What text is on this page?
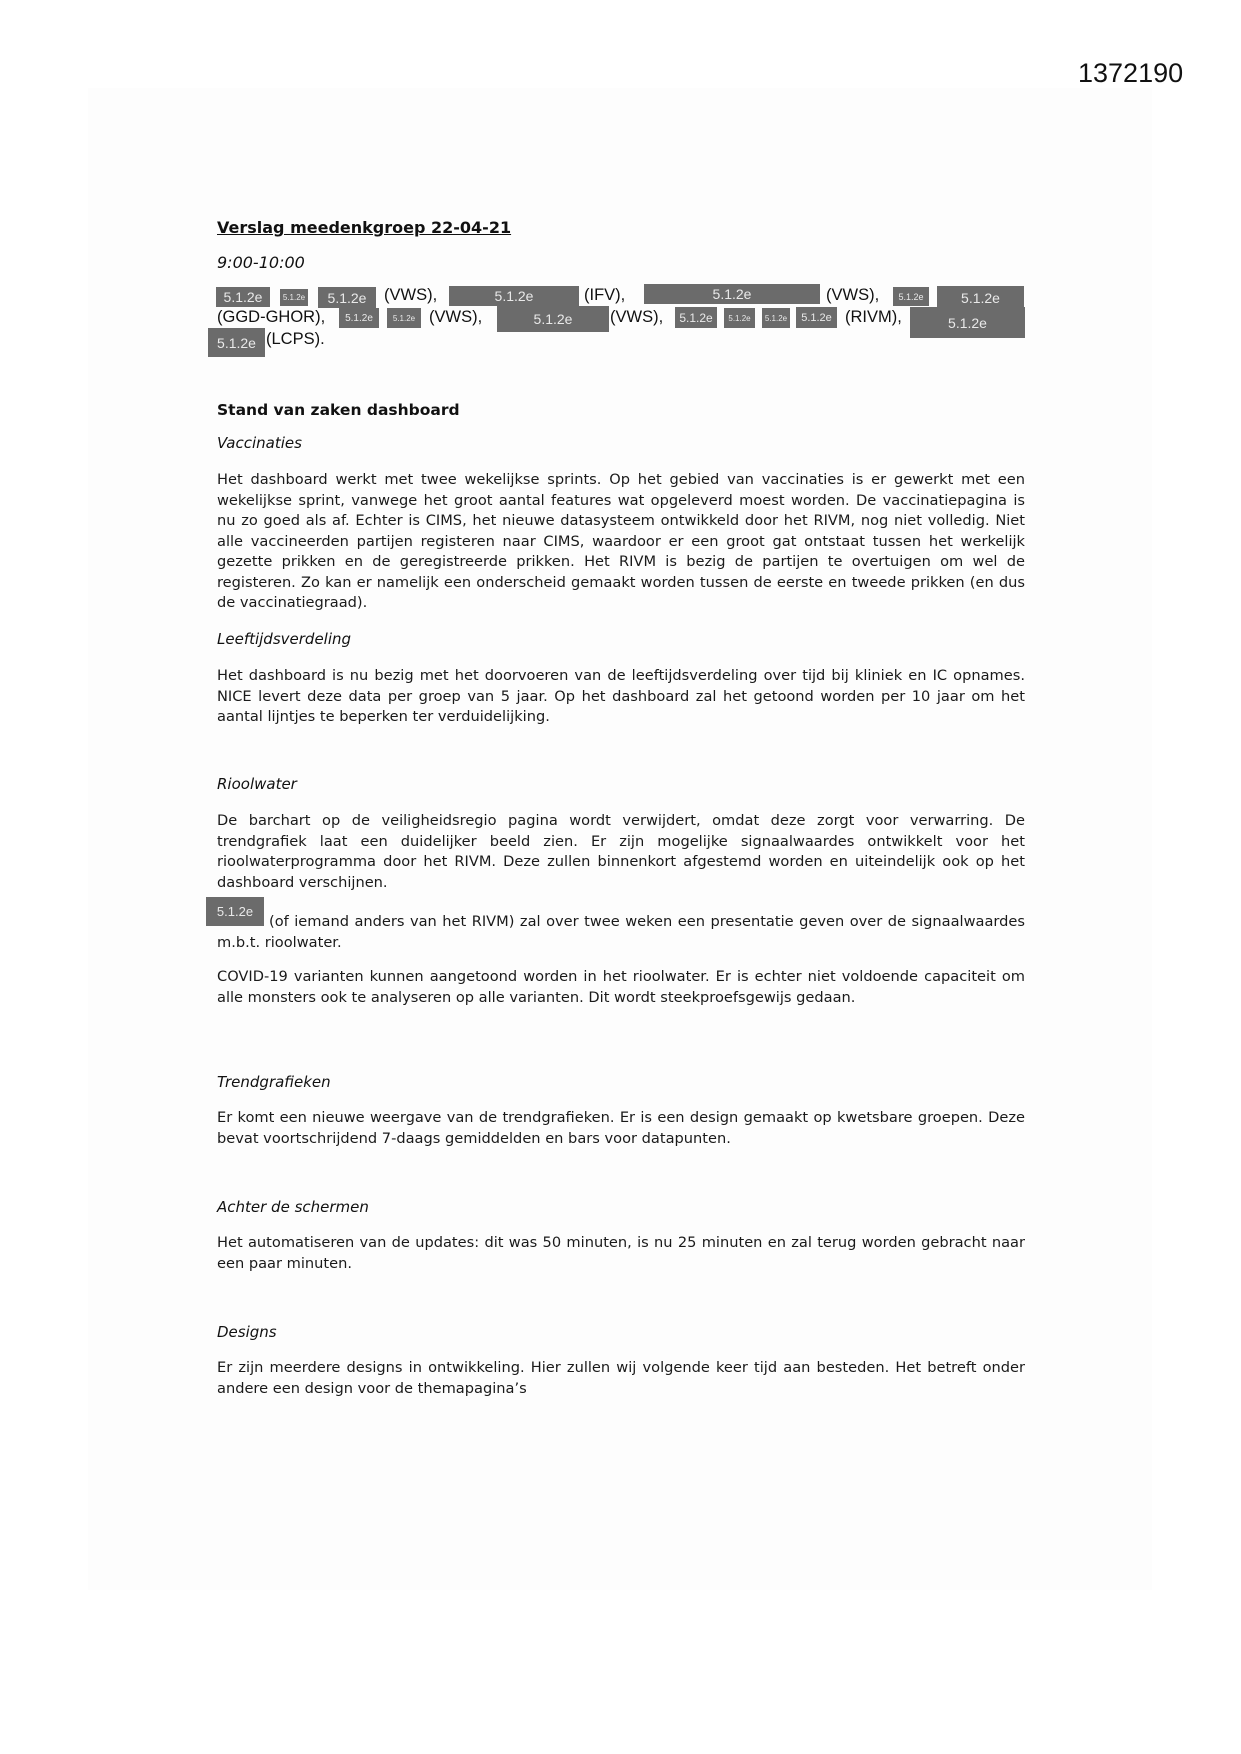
1372190
Verslag meedenkgroep 22-04-21
9:00-10:00
5.1.2e	5.1.2e	5.1.2e	(VWS),	5.1.2e	(IFV),	5.1.2e	(VWS),	5.1.2e	5.1.2e
(GGD-GHOR),	5.1.2e	5.1.2e (VWS),	5.1.2e	(VWS),	5.1.2e	5.1.2e	5.1.2e	5.1.2e (RIVM),	5.1.2e
5.1.2e (LCPS).
Stand van zaken dashboard
Vaccinaties
Het dashboard werkt met twee wekelijkse sprints. Op het gebied van vaccinaties is er gewerkt met een wekelijkse sprint, vanwege het groot aantal features wat opgeleverd moest worden. De vaccinatiepagina is nu zo goed als af. Echter is CIMS, het nieuwe datasysteem ontwikkeld door het RIVM, nog niet volledig. Niet alle vaccineerden partijen registeren naar CIMS, waardoor er een groot gat ontstaat tussen het werkelijk gezette prikken en de geregistreerde prikken. Het RIVM is bezig de partijen te overtuigen om wel de registeren. Zo kan er namelijk een onderscheid gemaakt worden tussen de eerste en tweede prikken (en dus de vaccinatiegraad).
Leeftijdsverdeling
Het dashboard is nu bezig met het doorvoeren van de leeftijdsverdeling over tijd bij kliniek en IC opnames. NICE levert deze data per groep van 5 jaar. Op het dashboard zal het getoond worden per 10 jaar om het aantal lijntjes te beperken ter verduidelijking.
Rioolwater
De barchart op de veiligheidsregio pagina wordt verwijdert, omdat deze zorgt voor verwarring. De trendgrafiek laat een duidelijker beeld zien. Er zijn mogelijke signaalwaardes ontwikkelt voor het rioolwaterprogramma door het RIVM. Deze zullen binnenkort afgestemd worden en uiteindelijk ook op het dashboard verschijnen.
5.1.2e
(of iemand anders van het RIVM) zal over twee weken een presentatie geven over de signaalwaardes m.b.t. rioolwater.
COVID-19 varianten kunnen aangetoond worden in het rioolwater. Er is echter niet voldoende capaciteit om alle monsters ook te analyseren op alle varianten. Dit wordt steekproefsgewijs gedaan.
Trendgrafieken
Er komt een nieuwe weergave van de trendgrafieken. Er is een design gemaakt op kwetsbare groepen. Deze bevat voortschrijdend 7-daags gemiddelden en bars voor datapunten.
Achter de schermen
Het automatiseren van de updates: dit was 50 minuten, is nu 25 minuten en zal terug worden gebracht naar een paar minuten.
Designs
Er zijn meerdere designs in ontwikkeling. Hier zullen wij volgende keer tijd aan besteden. Het betreft onder andere een design voor de themapagina’s
